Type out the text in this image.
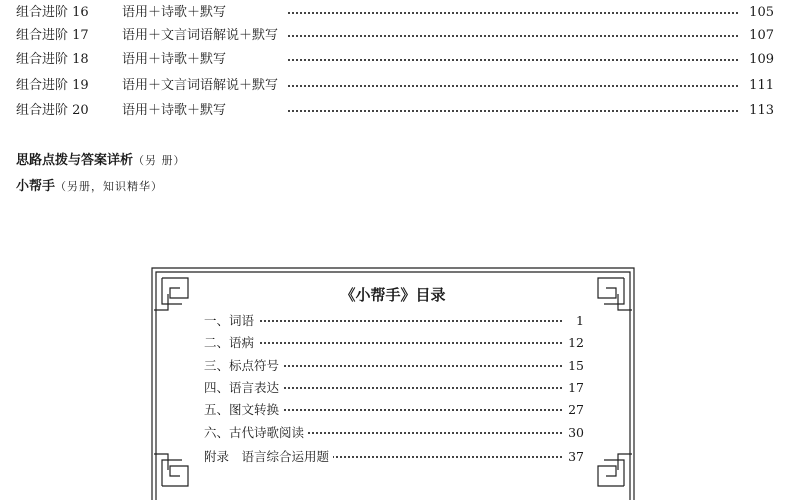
组合进阶 16	语用＋诗歌＋默写	105
组合进阶 17	语用＋文言词语解说＋默写	107
组合进阶 18	语用＋诗歌＋默写	109
组合进阶 19	语用＋文言词语解说＋默写	111
组合进阶 20	语用＋诗歌＋默写	113
思路点拨与答案详析（另 册）
小帮手（另册，知识精华）
《小帮手》目录
一、词语	1
二、语病	12
三、标点符号	15
四、语言表达	17
五、图文转换	27
六、古代诗歌阅读	30
附录　语言综合运用题	37
